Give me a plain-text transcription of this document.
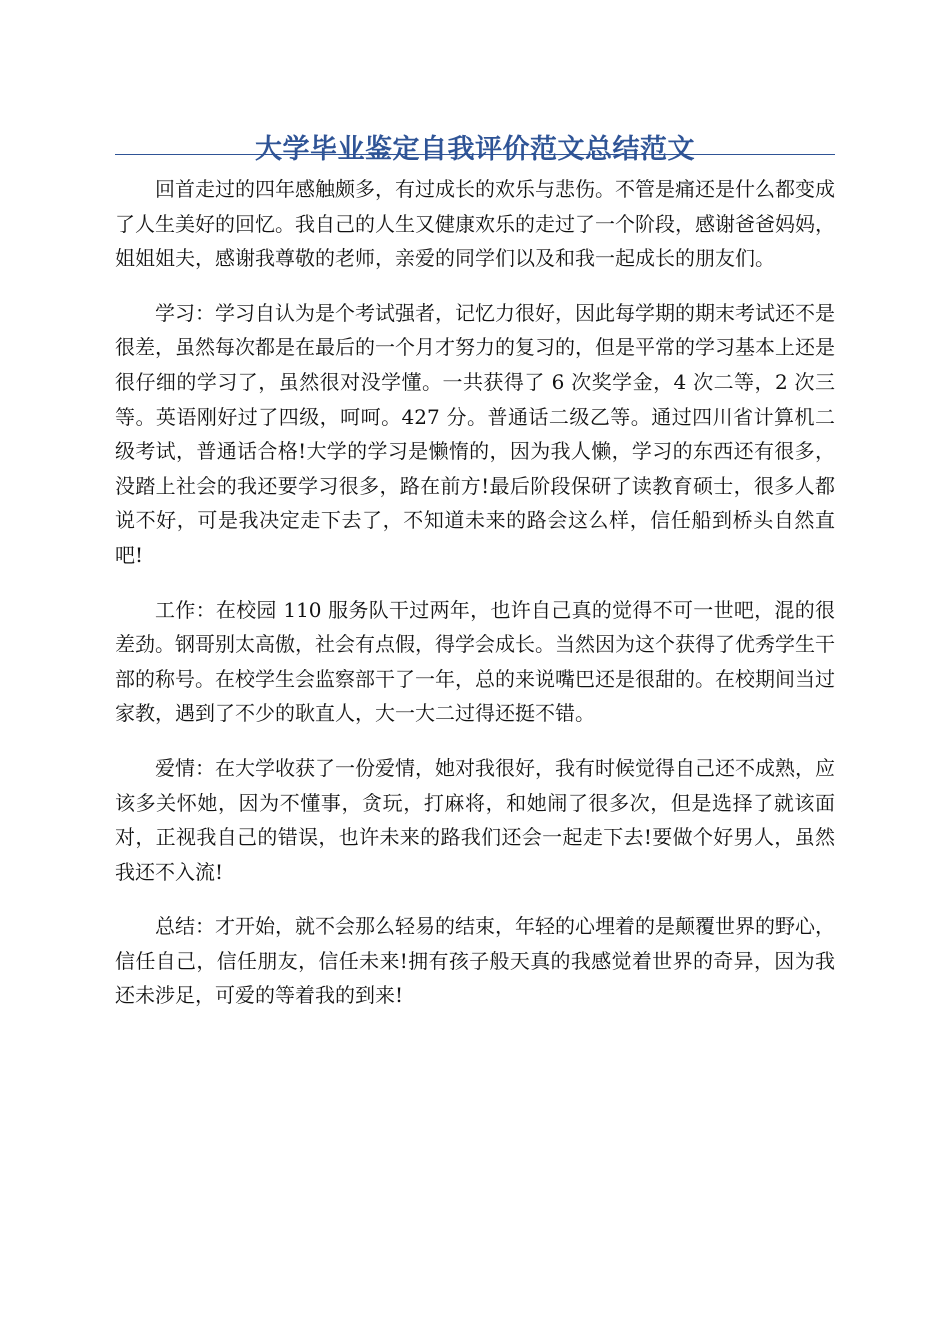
大学毕业鉴定自我评价范文总结范文

回首走过的四年感触颇多，有过成长的欢乐与悲伤。不管是痛还是什么都变成了人生美好的回忆。我自己的人生又健康欢乐的走过了一个阶段，感谢爸爸妈妈，姐姐姐夫，感谢我尊敬的老师，亲爱的同学们以及和我一起成长的朋友们。

学习：学习自认为是个考试强者，记忆力很好，因此每学期的期末考试还不是很差，虽然每次都是在最后的一个月才努力的复习的，但是平常的学习基本上还是很仔细的学习了，虽然很对没学懂。一共获得了 6 次奖学金，4 次二等，2 次三等。英语刚好过了四级，呵呵。427 分。普通话二级乙等。通过四川省计算机二级考试，普通话合格!大学的学习是懒惰的，因为我人懒，学习的东西还有很多，没踏上社会的我还要学习很多，路在前方!最后阶段保研了读教育硕士，很多人都说不好，可是我决定走下去了，不知道未来的路会这么样，信任船到桥头自然直吧!

工作：在校园 110 服务队干过两年，也许自己真的觉得不可一世吧，混的很差劲。钢哥别太高傲，社会有点假，得学会成长。当然因为这个获得了优秀学生干部的称号。在校学生会监察部干了一年，总的来说嘴巴还是很甜的。在校期间当过家教，遇到了不少的耿直人，大一大二过得还挺不错。

爱情：在大学收获了一份爱情，她对我很好，我有时候觉得自己还不成熟，应该多关怀她，因为不懂事，贪玩，打麻将，和她闹了很多次，但是选择了就该面对，正视我自己的错误，也许未来的路我们还会一起走下去!要做个好男人，虽然我还不入流!

总结：才开始，就不会那么轻易的结束，年轻的心埋着的是颠覆世界的野心，信任自己，信任朋友，信任未来!拥有孩子般天真的我感觉着世界的奇异，因为我还未涉足，可爱的等着我的到来!
